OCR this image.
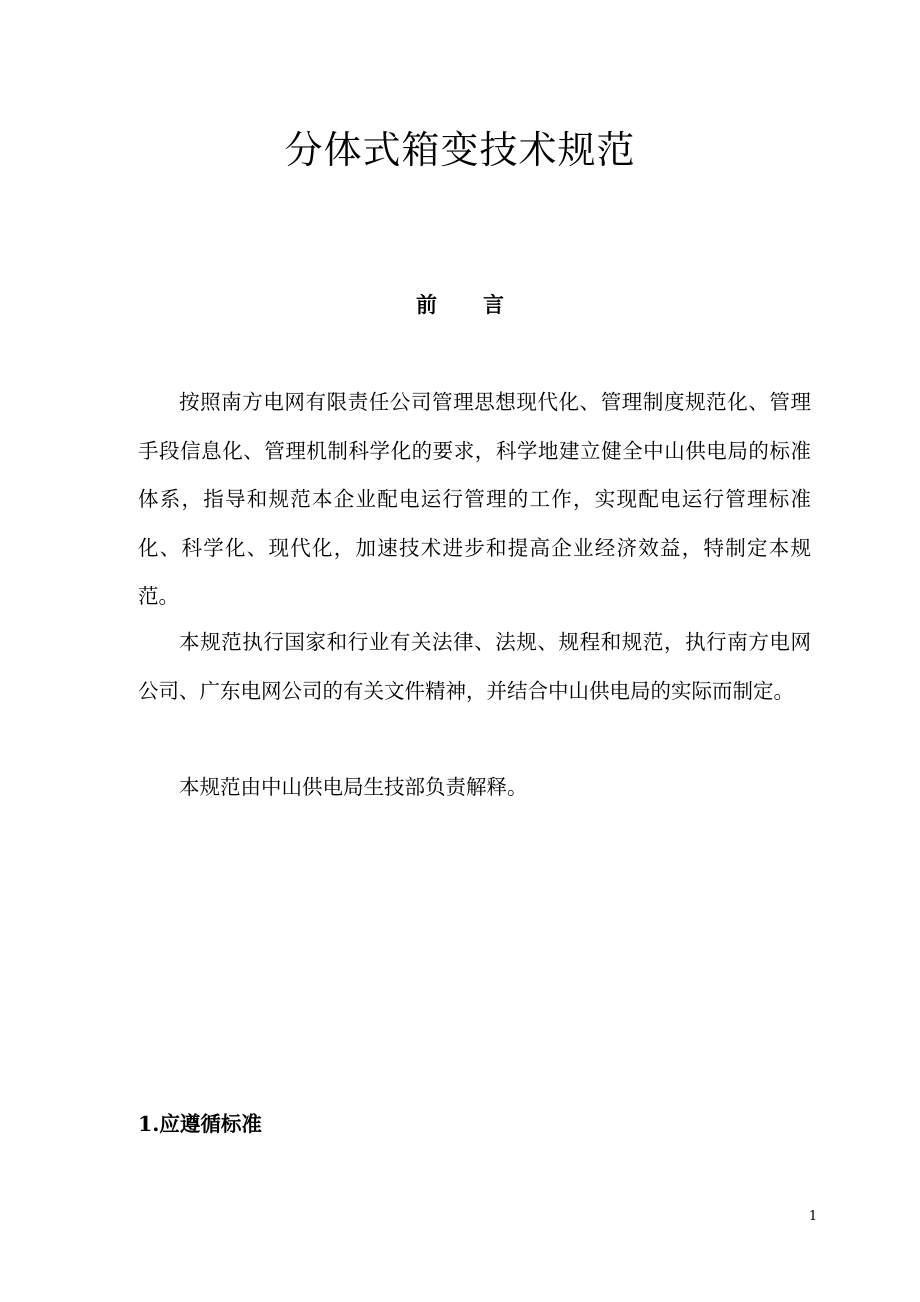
分体式箱变技术规范
前 言

按照南方电网有限责任公司管理思想现代化、管理制度规范化、管理手段信息化、管理机制科学化的要求，科学地建立健全中山供电局的标准体系，指导和规范本企业配电运行管理的工作，实现配电运行管理标准化、科学化、现代化，加速技术进步和提高企业经济效益，特制定本规范。

本规范执行国家和行业有关法律、法规、规程和规范，执行南方电网公司、广东电网公司的有关文件精神，并结合中山供电局的实际而制定。

本规范由中山供电局生技部负责解释。

1.应遵循标准
1
